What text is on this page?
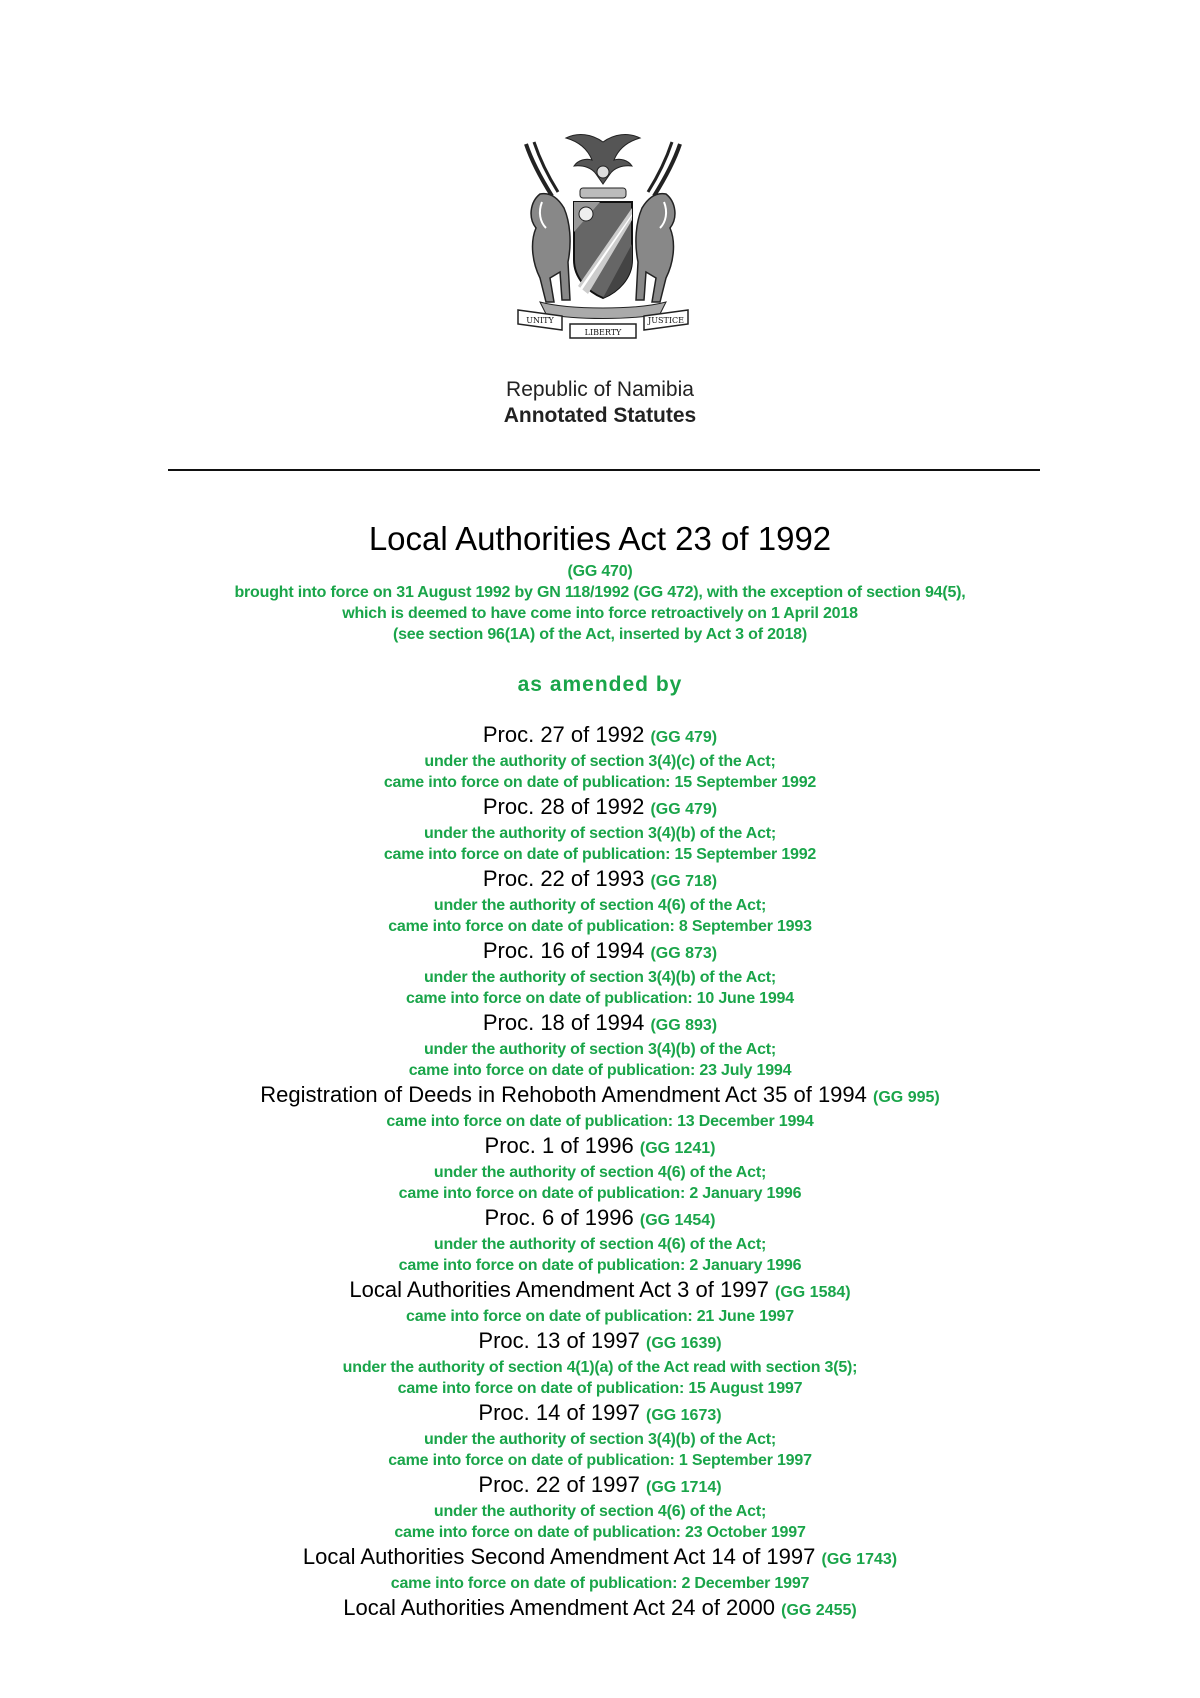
UNITY
LIBERTY
JUSTICE
Republic of Namibia
Annotated Statutes
Local Authorities Act 23 of 1992
(GG 470)
brought into force on 31 August 1992 by GN 118/1992 (GG 472), with the exception of section 94(5),
which is deemed to have come into force retroactively on 1 April 2018
(see section 96(1A) of the Act, inserted by Act 3 of 2018)
as amended by
Proc. 27 of 1992 (GG 479)
under the authority of section 3(4)(c) of the Act;
came into force on date of publication: 15 September 1992
Proc. 28 of 1992 (GG 479)
under the authority of section 3(4)(b) of the Act;
came into force on date of publication: 15 September 1992
Proc. 22 of 1993 (GG 718)
under the authority of section 4(6) of the Act;
came into force on date of publication: 8 September 1993
Proc. 16 of 1994 (GG 873)
under the authority of section 3(4)(b) of the Act;
came into force on date of publication: 10 June 1994
Proc. 18 of 1994 (GG 893)
under the authority of section 3(4)(b) of the Act;
came into force on date of publication: 23 July 1994
Registration of Deeds in Rehoboth Amendment Act 35 of 1994 (GG 995)
came into force on date of publication: 13 December 1994
Proc. 1 of 1996 (GG 1241)
under the authority of section 4(6) of the Act;
came into force on date of publication: 2 January 1996
Proc. 6 of 1996 (GG 1454)
under the authority of section 4(6) of the Act;
came into force on date of publication: 2 January 1996
Local Authorities Amendment Act 3 of 1997 (GG 1584)
came into force on date of publication: 21 June 1997
Proc. 13 of 1997 (GG 1639)
under the authority of section 4(1)(a) of the Act read with section 3(5);
came into force on date of publication: 15 August 1997
Proc. 14 of 1997 (GG 1673)
under the authority of section 3(4)(b) of the Act;
came into force on date of publication: 1 September 1997
Proc. 22 of 1997 (GG 1714)
under the authority of section 4(6) of the Act;
came into force on date of publication: 23 October 1997
Local Authorities Second Amendment Act 14 of 1997 (GG 1743)
came into force on date of publication: 2 December 1997
Local Authorities Amendment Act 24 of 2000 (GG 2455)
